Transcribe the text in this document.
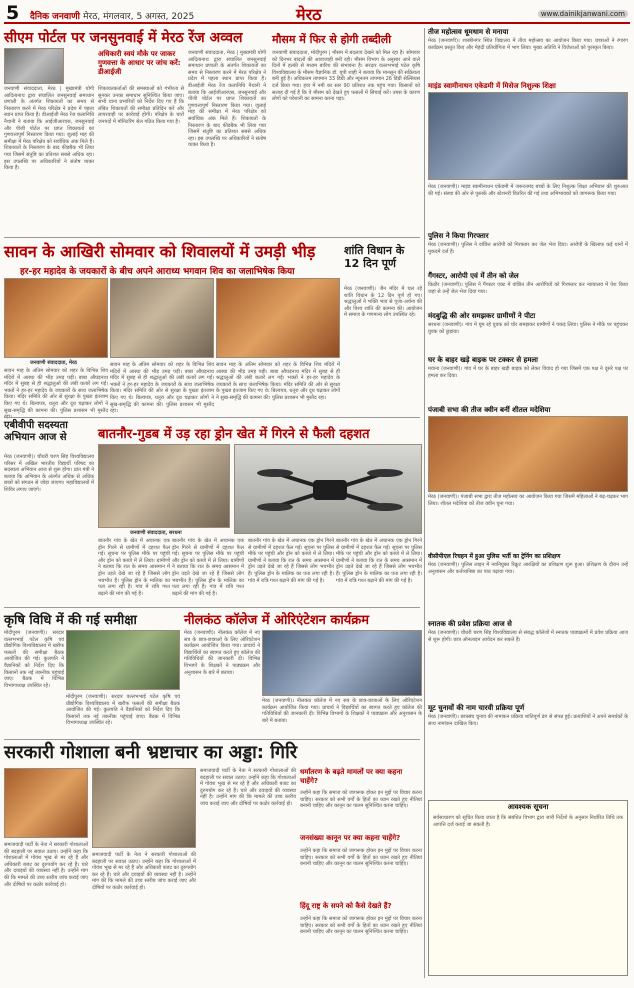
5 दैनिक जनवाणी मेरठ, मंगलवार, 5 अगस्त, 2025	मेरठ	www.dainikjanwani.com
सीएम पोर्टल पर जनसुनवाई में मेरठ रेंज अव्वल
जनवाणी संवाददाता, मेरठ | मुख्यमंत्री योगी आदित्यनाथ द्वारा संचालित जनसुनवाई समाधान प्रणाली के अंतर्गत शिकायतों का समय से निस्तारण करने में मेरठ परिक्षेत्र ने प्रदेश में पहला स्थान प्राप्त किया है। डीआईजी मेरठ रेंज कलानिधि नैथानी ने बताया कि आईजीआरएस, जनसुनवाई और पीजी पोर्टल पर प्राप्त शिकायतों का गुणवत्तापूर्ण निस्तारण किया गया। जुलाई माह की समीक्षा में मेरठ परिक्षेत्र को सर्वाधिक अंक मिले हैं। शिकायतों के निस्तारण के बाद फीडबैक भी लिया गया जिसमें संतुष्टि का प्रतिशत सबसे अधिक रहा। इस उपलब्धि पर अधिकारियों ने संतोष व्यक्त किया है।
अधिकारी स्वयं मौके पर जाकर गुणवत्ता के आधार पर जांच करें: डीआईजी
शिकायतकर्ताओं की समस्याओं को गंभीरता से सुनकर उनका समाधान सुनिश्चित किया जाए। सभी थाना प्रभारियों को निर्देश दिए गए हैं कि लंबित शिकायतों की समीक्षा प्रतिदिन करें और लापरवाही पर कार्रवाई होगी। परिक्षेत्र के चारों जनपदों में मॉनिटरिंग सेल गठित किया गया है।
जनवाणी संवाददाता, मेरठ | मुख्यमंत्री योगी आदित्यनाथ द्वारा संचालित जनसुनवाई समाधान प्रणाली के अंतर्गत शिकायतों का समय से निस्तारण करने में मेरठ परिक्षेत्र ने प्रदेश में पहला स्थान प्राप्त किया है। डीआईजी मेरठ रेंज कलानिधि नैथानी ने बताया कि आईजीआरएस, जनसुनवाई और पीजी पोर्टल पर प्राप्त शिकायतों का गुणवत्तापूर्ण निस्तारण किया गया। जुलाई माह की समीक्षा में मेरठ परिक्षेत्र को सर्वाधिक अंक मिले हैं। शिकायतों के निस्तारण के बाद फीडबैक भी लिया गया जिसमें संतुष्टि का प्रतिशत सबसे अधिक रहा। इस उपलब्धि पर अधिकारियों ने संतोष व्यक्त किया है।
मौसम में फिर से होगी तब्दीली
जनवाणी संवाददाता, मोदीपुरम | मौसम में बदलाव देखने को मिल रहा है। सोमवार को दिनभर बादलों की आवाजाही बनी रही। मौसम विभाग के अनुसार आने वाले दिनों में हल्की से मध्यम बारिश की संभावना है। सरदार वल्लभभाई पटेल कृषि विश्वविद्यालय के मौसम वैज्ञानिक डॉ. यूपी शाही ने बताया कि मानसून की सक्रियता बनी हुई है। अधिकतम तापमान 33 डिग्री और न्यूनतम तापमान 26 डिग्री सेल्सियस दर्ज किया गया। हवा में नमी का स्तर 90 प्रतिशत तक पहुंच गया। किसानों को सलाह दी गई है कि वे मौसम को देखते हुए फसलों में सिंचाई करें। उमस के कारण लोगों को परेशानी का सामना करना पड़ा।
तीज महोत्सव धूमधाम से मनाया
मेरठ (जनवाणी)। शास्त्रीनगर स्थित विद्यालय में तीज महोत्सव का आयोजन किया गया। छात्राओं ने रंगारंग कार्यक्रम प्रस्तुत किए और मेहंदी प्रतियोगिता में भाग लिया। मुख्य अतिथि ने विजेताओं को पुरस्कृत किया।
माइंड स्वामीनाथन एकेडमी में मिसेज निशुल्क शिक्षा
मेरठ (जनवाणी)। माइंड स्वामीनाथन एकेडमी में जरूरतमंद बच्चों के लिए निशुल्क शिक्षा अभियान की शुरुआत की गई। संस्था की ओर से पुस्तकें और स्टेशनरी वितरित की गई तथा अभिभावकों को जागरूक किया गया।
पुलिस ने किया गिरफ्तार
मेरठ (जनवाणी)। पुलिस ने वांछित आरोपी को गिरफ्तार कर जेल भेज दिया। आरोपी के खिलाफ कई थानों में मुकदमे दर्ज हैं।
गैंगस्टर, आरोपी एवं में तीन को जेल
किठौर (जनवाणी)। पुलिस ने गैंगस्टर एक्ट में वांछित तीन आरोपियों को गिरफ्तार कर न्यायालय में पेश किया जहां से उन्हें जेल भेज दिया गया।
मंदबुद्धि की ओर समझकर ग्रामीणों ने पीटा
सरधना (जनवाणी)। गांव में घूम रहे युवक को चोर समझकर ग्रामीणों ने पकड़ लिया। पुलिस ने मौके पर पहुंचकर युवक को छुड़ाया।
घर के बाहर खड़े बाइक पर टक्कर से हमला
मवाना (जनवाणी)। गांव में घर के बाहर खड़ी बाइक को लेकर विवाद हो गया जिसमें एक पक्ष ने दूसरे पक्ष पर हमला कर दिया।
पंजाबी सभा की तीज क्वीन बनीं शीतल मदेशिया
मेरठ (जनवाणी)। पंजाबी सभा द्वारा तीज महोत्सव का आयोजन किया गया जिसमें महिलाओं ने बढ़-चढ़कर भाग लिया। शीतल मदेशिया को तीज क्वीन चुना गया।
वीसीपीएल रिचहन में हुआ पुलिस भर्ती का ट्रेनिंग का प्रशिक्षण
मेरठ (जनवाणी)। पुलिस लाइन में नवनियुक्त रिक्रूट आरक्षियों का प्रशिक्षण शुरू हुआ। प्रशिक्षण के दौरान उन्हें अनुशासन और कर्तव्यनिष्ठा का पाठ पढ़ाया गया।
स्नातक की प्रवेश प्रक्रिया आज से
मेरठ (जनवाणी)। चौधरी चरण सिंह विश्वविद्यालय से संबद्ध कॉलेजों में स्नातक पाठ्यक्रमों में प्रवेश प्रक्रिया आज से शुरू होगी। छात्र ऑनलाइन आवेदन कर सकते हैं।
मूट चुनावों की नाम चारवी प्रक्रिया पूर्ण
मेरठ (जनवाणी)। छात्रसंघ चुनाव की नामांकन प्रक्रिया शांतिपूर्ण ढंग से संपन्न हुई। प्रत्याशियों ने अपने समर्थकों के साथ नामांकन दाखिल किए।
आवश्यक सूचना
सर्वसाधारण को सूचित किया जाता है कि संबंधित विभाग द्वारा जारी निर्देशों के अनुसार निर्धारित तिथि तक आपत्ति दर्ज कराई जा सकती है।
सावन के आखिरी सोमवार को शिवालयों में उमड़ी भीड़
हर-हर महादेव के जयकारों के बीच अपने आराध्य भगवान शिव का जलाभिषेक किया
जनवाणी संवाददाता, मेरठ
सावन माह के अंतिम सोमवार को शहर के विभिन्न शिव मंदिरों में आस्था की भीड़ उमड़ पड़ी। बाबा औघड़नाथ मंदिर में सुबह से ही श्रद्धालुओं की लंबी कतारें लग गईं। भक्तों ने हर-हर महादेव के जयकारों के साथ जलाभिषेक किया। मंदिर समिति की ओर से सुरक्षा के पुख्ता इंतजाम किए गए थे। बिल्वपत्र, धतूरा और दूध चढ़ाकर लोगों ने सुख-समृद्धि की कामना की। पुलिस प्रशासन भी मुस्तैद
सावन माह के अंतिम सोमवार को शहर के विभिन्न शिव मंदिरों में आस्था की भीड़ उमड़ पड़ी। बाबा औघड़नाथ मंदिर में सुबह से ही श्रद्धालुओं की लंबी कतारें लग गईं। भक्तों ने हर-हर महादेव के जयकारों के साथ जलाभिषेक किया। मंदिर समिति की ओर से सुरक्षा के पुख्ता इंतजाम किए गए थे। बिल्वपत्र, धतूरा और दूध चढ़ाकर लोगों ने सुख-समृद्धि की कामना की। पुलिस प्रशासन भी मुस्तैद रहा।
सावन माह के अंतिम सोमवार को शहर के विभिन्न शिव मंदिरों में आस्था की भीड़ उमड़ पड़ी। बाबा औघड़नाथ मंदिर में सुबह से ही श्रद्धालुओं की लंबी कतारें लग गईं। भक्तों ने हर-हर महादेव के जयकारों के साथ जलाभिषेक किया। मंदिर समिति की ओर से सुरक्षा के पुख्ता इंतजाम किए गए थे। बिल्वपत्र, धतूरा और दूध चढ़ाकर लोगों ने सुख-समृद्धि की कामना की। पुलिस प्रशासन भी मुस्तैद रहा।
शांति विधान के 12 दिन पूर्ण
मेरठ (जनवाणी)। जैन मंदिर में चल रहे शांति विधान के 12 दिन पूर्ण हो गए। श्रद्धालुओं ने भक्ति भाव से पूजा-अर्चना की और विश्व शांति की कामना की। आयोजन में समाज के गणमान्य लोग उपस्थित रहे।
एबीवीपी सदस्यता अभियान आज से
मेरठ (जनवाणी)। चौधरी चरण सिंह विश्वविद्यालय परिसर में अखिल भारतीय विद्यार्थी परिषद का सदस्यता अभियान आज से शुरू होगा। प्रांत मंत्री ने बताया कि अभियान के अंतर्गत अधिक से अधिक छात्रों को संगठन से जोड़ा जाएगा। महाविद्यालयों में शिविर लगाए जाएंगे।
बातनौर-गुडब में उड़ रहा ड्रोन खेत में गिरने से फैली दहशत
जनवाणी संवाददाता, सरधना
बातनौर गांव के खेत में अचानक एक ड्रोन गिरने से ग्रामीणों में दहशत फैल गई। सूचना पर पुलिस मौके पर पहुंची और ड्रोन को कब्जे में ले लिया। ग्रामीणों ने बताया कि रात के समय आसमान में ड्रोन उड़ते देखे जा रहे हैं जिससे लोग भयभीत हैं। पुलिस ड्रोन के मालिक का पता लगा रही है। गांव में रात्रि गश्त बढ़ाने की मांग की गई है।
बातनौर गांव के खेत में अचानक एक ड्रोन गिरने से ग्रामीणों में दहशत फैल गई। सूचना पर पुलिस मौके पर पहुंची और ड्रोन को कब्जे में ले लिया। ग्रामीणों ने बताया कि रात के समय आसमान में ड्रोन उड़ते देखे जा रहे हैं जिससे लोग भयभीत हैं। पुलिस ड्रोन के मालिक का पता लगा रही है। गांव में रात्रि गश्त बढ़ाने की मांग की गई है।
बातनौर गांव के खेत में अचानक एक ड्रोन गिरने से ग्रामीणों में दहशत फैल गई। सूचना पर पुलिस मौके पर पहुंची और ड्रोन को कब्जे में ले लिया। ग्रामीणों ने बताया कि रात के समय आसमान में ड्रोन उड़ते देखे जा रहे हैं जिससे लोग भयभीत हैं। पुलिस ड्रोन के मालिक का पता लगा रही है। गांव में रात्रि गश्त बढ़ाने की मांग की गई है।
बातनौर गांव के खेत में अचानक एक ड्रोन गिरने से ग्रामीणों में दहशत फैल गई। सूचना पर पुलिस मौके पर पहुंची और ड्रोन को कब्जे में ले लिया। ग्रामीणों ने बताया कि रात के समय आसमान में ड्रोन उड़ते देखे जा रहे हैं जिससे लोग भयभीत हैं। पुलिस ड्रोन के मालिक का पता लगा रही है। गांव में रात्रि गश्त बढ़ाने की मांग की गई है।
कृषि विधि में की गई समीक्षा
मोदीपुरम (जनवाणी)। सरदार वल्लभभाई पटेल कृषि एवं प्रौद्योगिक विश्वविद्यालय में खरीफ फसलों की समीक्षा बैठक आयोजित की गई। कुलपति ने वैज्ञानिकों को निर्देश दिए कि किसानों तक नई तकनीक पहुंचाई जाए। बैठक में विभिन्न विभागाध्यक्ष उपस्थित रहे।
मोदीपुरम (जनवाणी)। सरदार वल्लभभाई पटेल कृषि एवं प्रौद्योगिक विश्वविद्यालय में खरीफ फसलों की समीक्षा बैठक आयोजित की गई। कुलपति ने वैज्ञानिकों को निर्देश दिए कि किसानों तक नई तकनीक पहुंचाई जाए। बैठक में विभिन्न विभागाध्यक्ष उपस्थित रहे।
नीलकंठ कॉलेज में ओरिएंटेशन कार्यक्रम
मेरठ (जनवाणी)। नीलकंठ कॉलेज में नए सत्र के छात्र-छात्राओं के लिए ओरिएंटेशन कार्यक्रम आयोजित किया गया। प्राचार्य ने विद्यार्थियों का स्वागत करते हुए कॉलेज की गतिविधियों की जानकारी दी। विभिन्न विभागों के शिक्षकों ने पाठ्यक्रम और अनुशासन के बारे में बताया।
मेरठ (जनवाणी)। नीलकंठ कॉलेज में नए सत्र के छात्र-छात्राओं के लिए ओरिएंटेशन कार्यक्रम आयोजित किया गया। प्राचार्य ने विद्यार्थियों का स्वागत करते हुए कॉलेज की गतिविधियों की जानकारी दी। विभिन्न विभागों के शिक्षकों ने पाठ्यक्रम और अनुशासन के बारे में बताया।
सरकारी गोशाला बनी भ्रष्टाचार का अड्डा: गिरि
समाजवादी पार्टी के नेता ने सरकारी गोशालाओं की बदहाली पर सवाल उठाए। उन्होंने कहा कि गोशालाओं में गोवंश भूख से मर रहे हैं और अधिकारी बजट का दुरुपयोग कर रहे हैं। चारे और दवाइयों की व्यवस्था नहीं है। उन्होंने मांग की कि मामले की उच्च स्तरीय जांच कराई जाए और दोषियों पर कठोर कार्रवाई हो।
समाजवादी पार्टी के नेता ने सरकारी गोशालाओं की बदहाली पर सवाल उठाए। उन्होंने कहा कि गोशालाओं में गोवंश भूख से मर रहे हैं और अधिकारी बजट का दुरुपयोग कर रहे हैं। चारे और दवाइयों की व्यवस्था नहीं है। उन्होंने मांग की कि मामले की उच्च स्तरीय जांच कराई जाए और दोषियों पर कठोर कार्रवाई हो।
समाजवादी पार्टी के नेता ने सरकारी गोशालाओं की बदहाली पर सवाल उठाए। उन्होंने कहा कि गोशालाओं में गोवंश भूख से मर रहे हैं और अधिकारी बजट का दुरुपयोग कर रहे हैं। चारे और दवाइयों की व्यवस्था नहीं है। उन्होंने मांग की कि मामले की उच्च स्तरीय जांच कराई जाए और दोषियों पर कठोर कार्रवाई हो।
धर्मांतरण के बढ़ते मामलों पर क्या कहना चाहेंगे?
उन्होंने कहा कि समाज को जागरूक होकर इन मुद्दों पर विचार करना चाहिए। सरकार को सभी वर्गों के हितों का ध्यान रखते हुए नीतियां बनानी चाहिए और कानून का पालन सुनिश्चित करना चाहिए।
जनसंख्या कानून पर क्या कहना चाहेंगे?
उन्होंने कहा कि समाज को जागरूक होकर इन मुद्दों पर विचार करना चाहिए। सरकार को सभी वर्गों के हितों का ध्यान रखते हुए नीतियां बनानी चाहिए और कानून का पालन सुनिश्चित करना चाहिए।
हिंदू राष्ट्र के सपने को कैसे देखते हैं?
उन्होंने कहा कि समाज को जागरूक होकर इन मुद्दों पर विचार करना चाहिए। सरकार को सभी वर्गों के हितों का ध्यान रखते हुए नीतियां बनानी चाहिए और कानून का पालन सुनिश्चित करना चाहिए।
